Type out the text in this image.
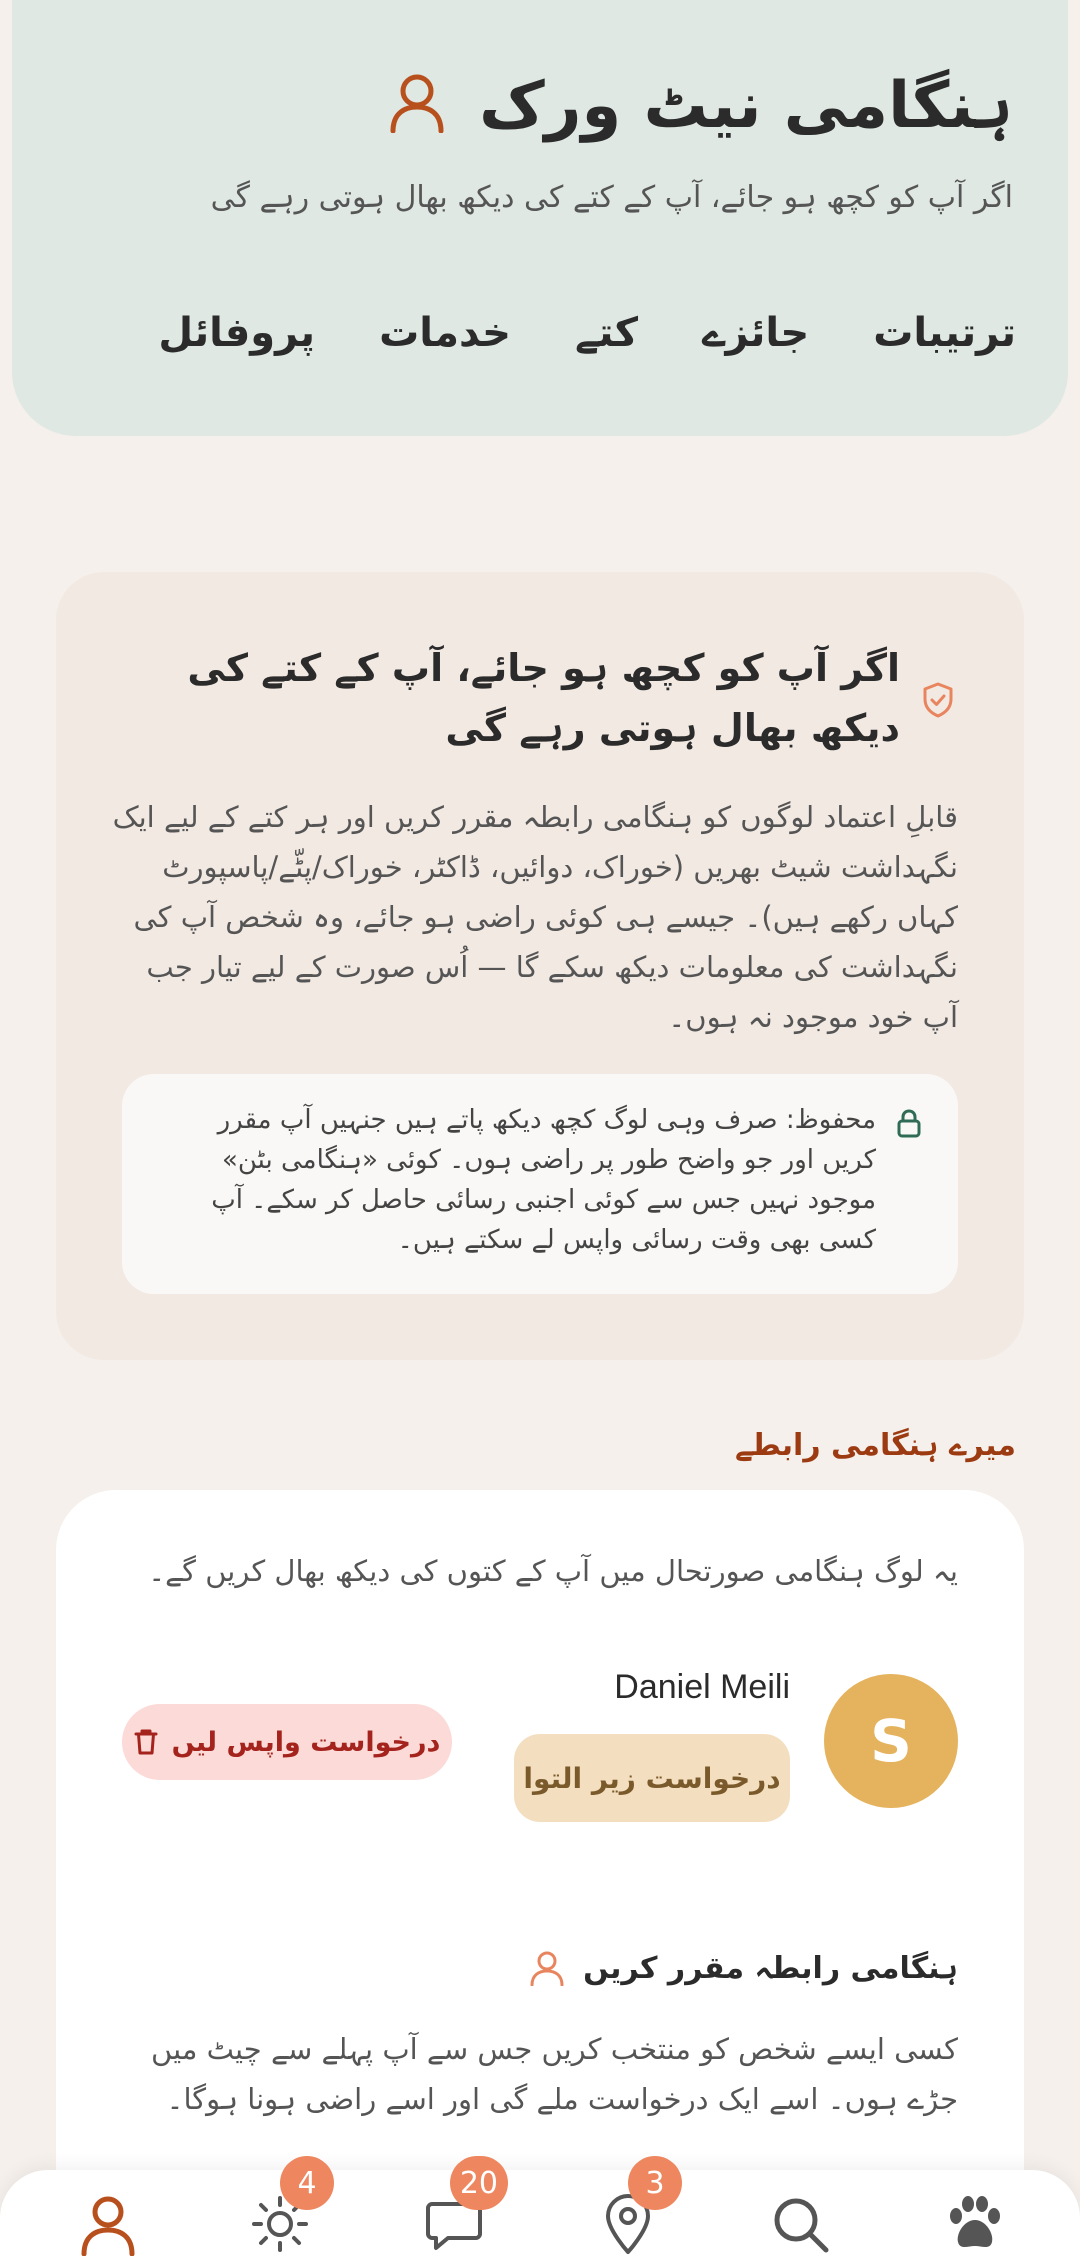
ہنگامی نیٹ ورک

اگر آپ کو کچھ ہو جائے، آپ کے کتے کی دیکھ بھال ہوتی رہے گی

پروفائل خدمات کتے جائزے ترتیبات
اگر آپ کو کچھ ہو جائے، آپ کے کتے کی دیکھ بھال ہوتی رہے گی

قابلِ اعتماد لوگوں کو ہنگامی رابطہ مقرر کریں اور ہر کتے کے لیے ایک نگہداشت شیٹ بھریں (خوراک، دوائیں، ڈاکٹر، خوراک/پٹّے/پاسپورٹ کہاں رکھے ہیں)۔ جیسے ہی کوئی راضی ہو جائے، وہ شخص آپ کی نگہداشت کی معلومات دیکھ سکے گا — اُس صورت کے لیے تیار جب آپ خود موجود نہ ہوں۔

محفوظ: صرف وہی لوگ کچھ دیکھ پاتے ہیں جنہیں آپ مقرر کریں اور جو واضح طور پر راضی ہوں۔ کوئی «ہنگامی بٹن» موجود نہیں جس سے کوئی اجنبی رسائی حاصل کر سکے۔ آپ کسی بھی وقت رسائی واپس لے سکتے ہیں۔

میرے ہنگامی رابطے

یہ لوگ ہنگامی صورتحال میں آپ کے کتوں کی دیکھ بھال کریں گے۔

S
Daniel Meili
درخواست زیر التوا
درخواست واپس لیں
ہنگامی رابطہ مقرر کریں

کسی ایسے شخص کو منتخب کریں جس سے آپ پہلے سے چیٹ میں جڑے ہوں۔ اسے ایک درخواست ملے گی اور اسے راضی ہونا ہوگا۔

4	20	3
